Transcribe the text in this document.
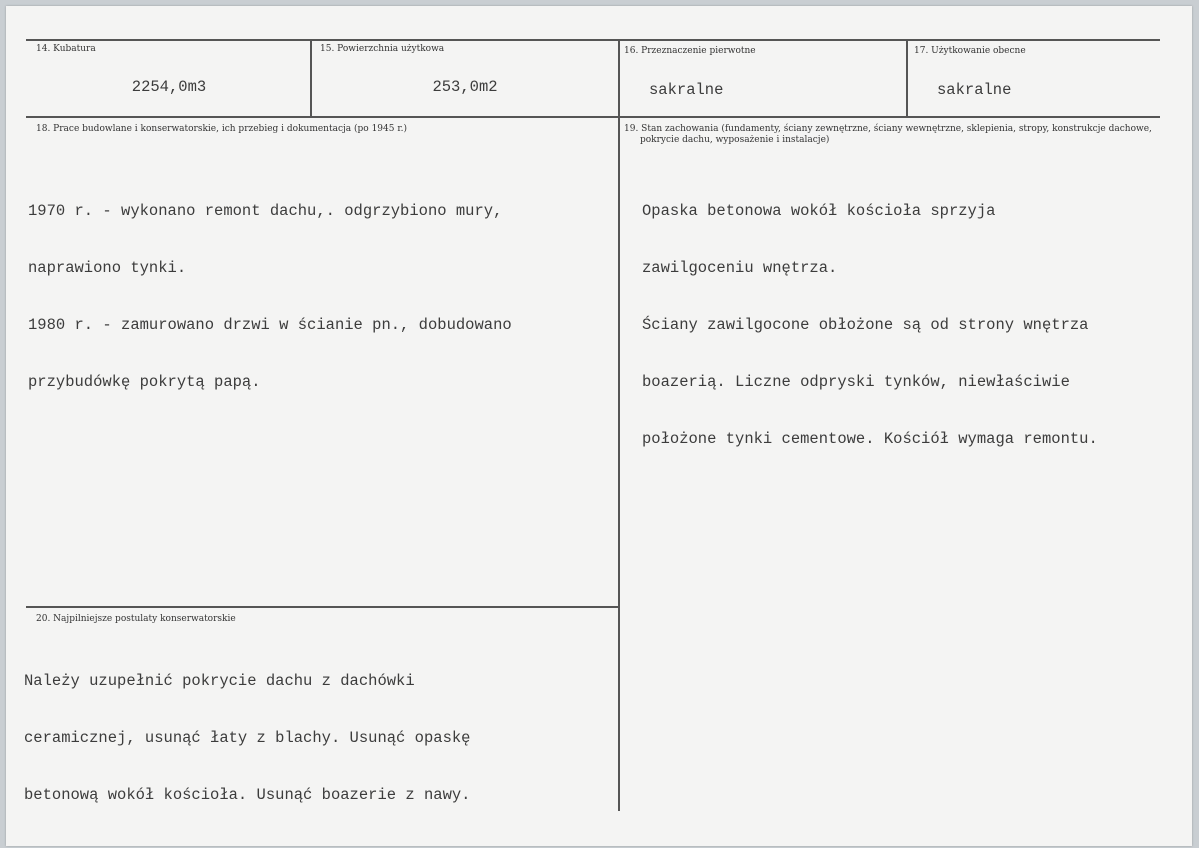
14. Kubatura
2254,0m3
15. Powierzchnia użytkowa
253,0m2
16. Przeznaczenie pierwotne
sakralne
17. Użytkowanie obecne
sakralne
18. Prace budowlane i konserwatorskie, ich przebieg i dokumentacja (po 1945 r.)

1970 r. - wykonano remont dachu,. odgrzybiono mury,

naprawiono tynki.

1980 r. - zamurowano drzwi w ścianie pn., dobudowano

przybudówkę pokrytą papą.

19. Stan zachowania (fundamenty, ściany zewnętrzne, ściany wewnętrzne, sklepienia, stropy, konstrukcje dachowe,
pokrycie dachu, wyposażenie i instalacje)

Opaska betonowa wokół kościoła sprzyja

zawilgoceniu wnętrza.

Ściany zawilgocone obłożone są od strony wnętrza

boazerią. Liczne odpryski tynków, niewłaściwie

położone tynki cementowe. Kościół wymaga remontu.

20. Najpilniejsze postulaty konserwatorskie

Należy uzupełnić pokrycie dachu z dachówki

ceramicznej, usunąć łaty z blachy. Usunąć opaskę

betonową wokół kościoła. Usunąć boazerie z nawy.
